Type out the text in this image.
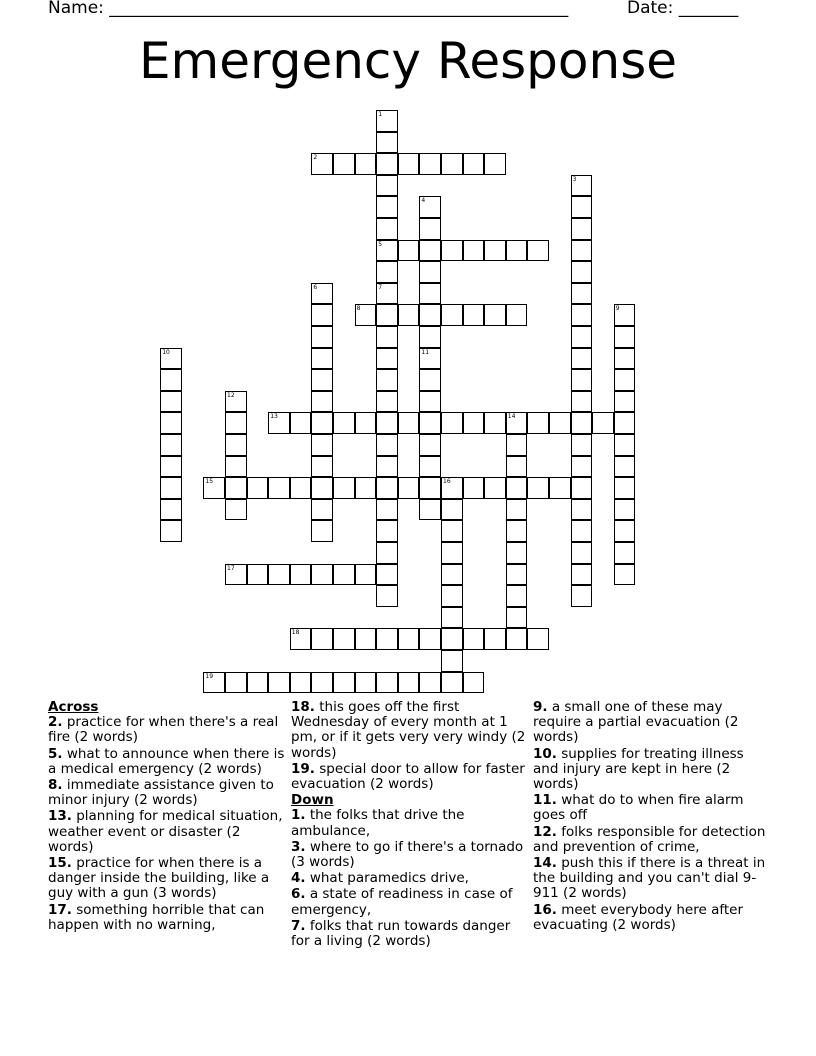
Name: ______________________________________________________	Date: _______
Emergency Response
1
5
7
2
3
4
11
6
8	9
10
12
13	14
15	16
17
18
19
Across
2. practice for when there's a real fire (2 words)
5. what to announce when there is a medical emergency (2 words)
8. immediate assistance given to minor injury (2 words)
13. planning for medical situation, weather event or disaster (2 words)
15. practice for when there is a danger inside the building, like a guy with a gun (3 words)
17. something horrible that can happen with no warning,
18. this goes off the first Wednesday of every month at 1 pm, or if it gets very very windy (2 words)
19. special door to allow for faster evacuation (2 words)
Down
1. the folks that drive the ambulance,
3. where to go if there's a tornado (3 words)
4. what paramedics drive,
6. a state of readiness in case of emergency,
7. folks that run towards danger for a living (2 words)
9. a small one of these may require a partial evacuation (2 words)
10. supplies for treating illness and injury are kept in here (2 words)
11. what do to when fire alarm goes off
12. folks responsible for detection and prevention of crime,
14. push this if there is a threat in the building and you can't dial 9-911 (2 words)
16. meet everybody here after evacuating (2 words)
